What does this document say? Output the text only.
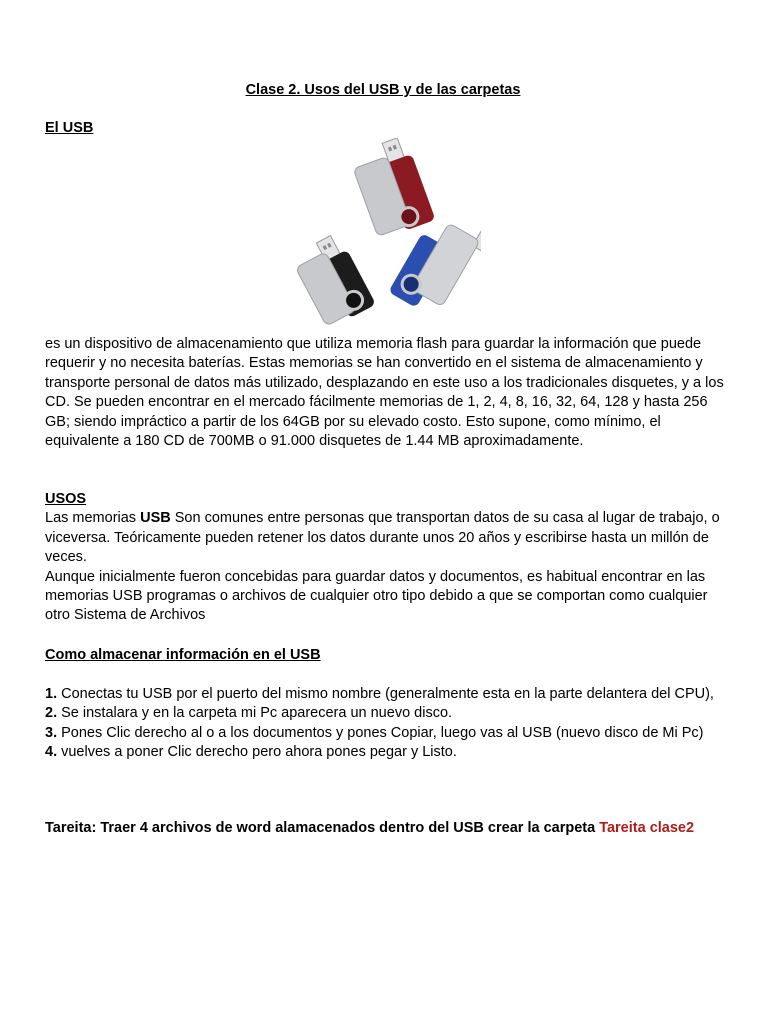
Clase 2. Usos del USB y de las carpetas
El USB

es un dispositivo de almacenamiento que utiliza memoria flash para guardar la información que puede requerir y no necesita baterías. Estas memorias se han convertido en el sistema de almacenamiento y transporte personal de datos más utilizado, desplazando en este uso a los tradicionales disquetes, y a los CD. Se pueden encontrar en el mercado fácilmente memorias de 1, 2, 4, 8, 16, 32, 64, 128 y hasta 256 GB; siendo impráctico a partir de los 64GB por su elevado costo. Esto supone, como mínimo, el equivalente a 180 CD de 700MB o 91.000 disquetes de 1.44 MB aproximadamente.

USOS

Las memorias USB Son comunes entre personas que transportan datos de su casa al lugar de trabajo, o viceversa. Teóricamente pueden retener los datos durante unos 20 años y escribirse hasta un millón de veces.

Aunque inicialmente fueron concebidas para guardar datos y documentos, es habitual encontrar en las memorias USB programas o archivos de cualquier otro tipo debido a que se comportan como cualquier otro Sistema de Archivos

Como almacenar información en el USB

1. Conectas tu USB por el puerto del mismo nombre (generalmente esta en la parte delantera del CPU),

2. Se instalara y en la carpeta mi Pc aparecera un nuevo disco.

3. Pones Clic derecho al o a los documentos y pones Copiar, luego vas al USB (nuevo disco de Mi Pc)

4. vuelves a poner Clic derecho pero ahora pones pegar y Listo.

Tareita: Traer 4 archivos de word alamacenados dentro del USB crear la carpeta Tareita clase2
